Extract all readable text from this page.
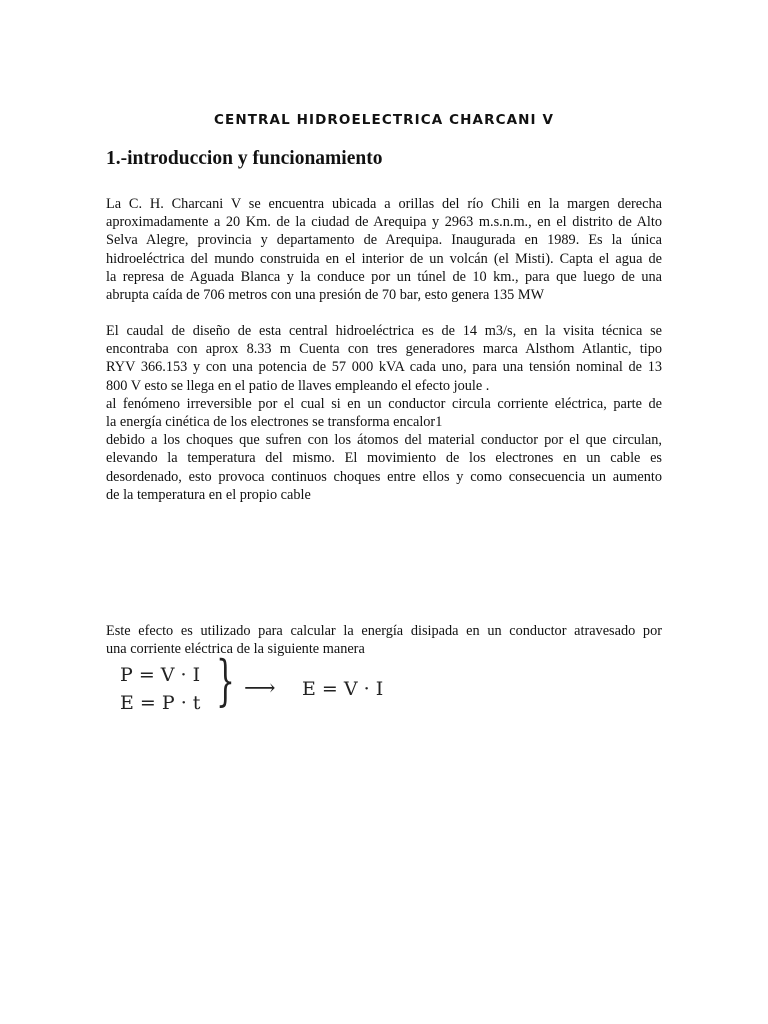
CENTRAL HIDROELECTRICA CHARCANI V
1.-introduccion y funcionamiento

La C. H. Charcani V se encuentra ubicada a orillas del río Chili en la margen derecha
aproximadamente a 20 Km. de la ciudad de Arequipa y 2963 m.s.n.m., en el distrito de Alto
Selva Alegre, provincia y departamento de Arequipa. Inaugurada en 1989. Es la única
hidroeléctrica del mundo construida en el interior de un volcán (el Misti). Capta el agua de
la represa de Aguada Blanca y la conduce por un túnel de 10 km., para que luego de una
abrupta caída de 706 metros con una presión de 70 bar, esto genera 135 MW

El caudal de diseño de esta central hidroeléctrica es de 14 m3/s, en la visita técnica se
encontraba con aprox 8.33 m Cuenta con tres generadores marca Alsthom Atlantic, tipo
RYV 366.153 y con una potencia de 57 000 kVA cada uno, para una tensión nominal de 13
800 V esto se llega en el patio de llaves empleando el efecto joule .
al fenómeno irreversible por el cual si en un conductor circula corriente eléctrica, parte de
la energía cinética de los electrones se transforma encalor1
debido a los choques que sufren con los átomos del material conductor por el que circulan,
elevando la temperatura del mismo. El movimiento de los electrones en un cable es
desordenado, esto provoca continuos choques entre ellos y como consecuencia un aumento
de la temperatura en el propio cable

Este efecto es utilizado para calcular la energía disipada en un conductor atravesado por
una corriente eléctrica de la siguiente manera

P = V · I
E = P · t } ⟶ E = V · I
